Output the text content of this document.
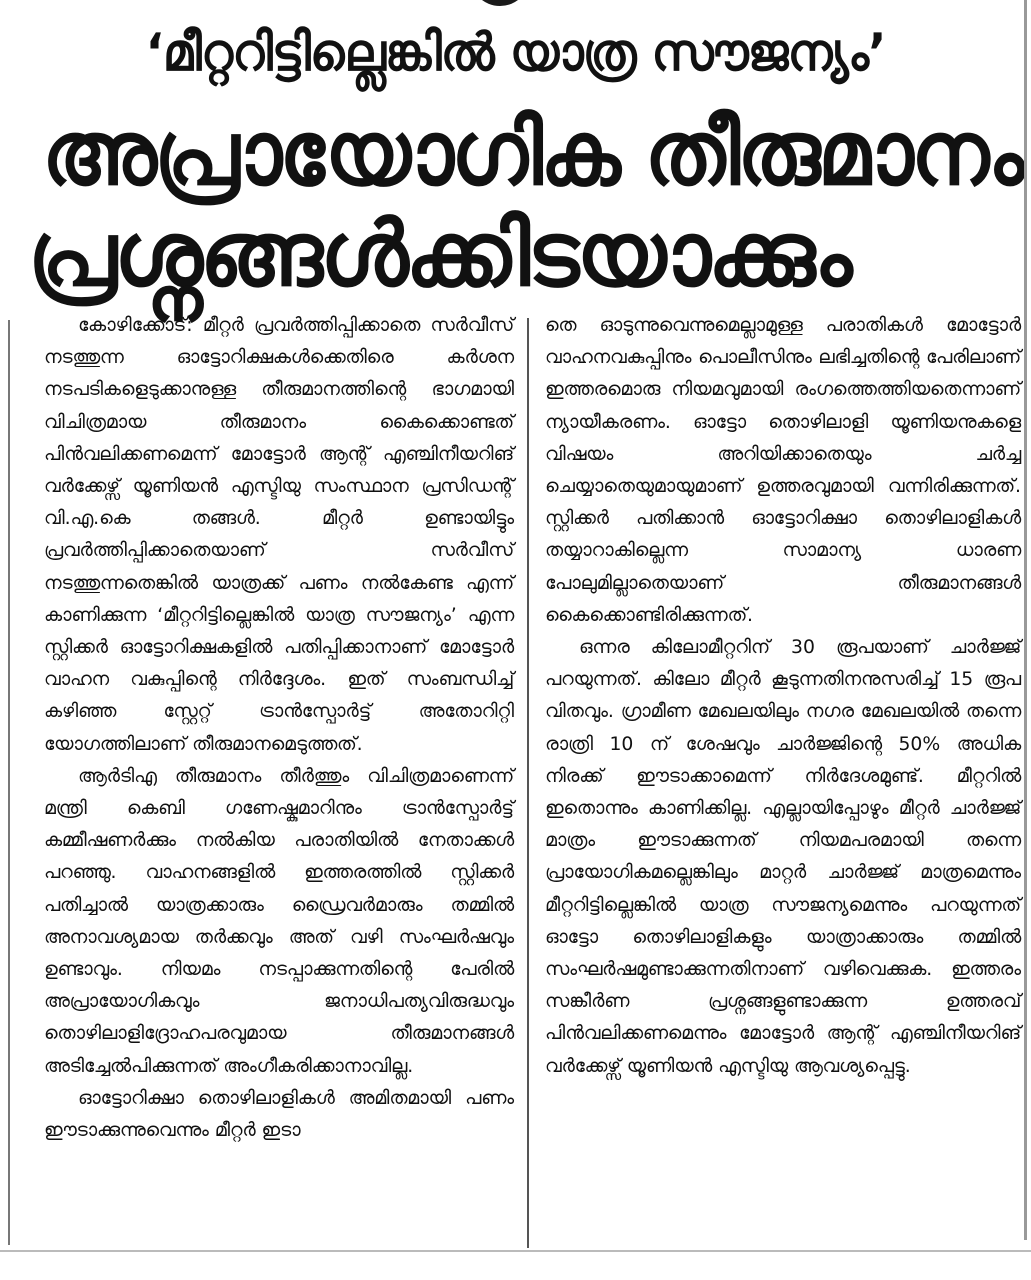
‘മീറ്ററിട്ടില്ലെങ്കിൽ യാത്ര സൗജന്യം’
അപ്രായോഗിക തീരുമാനം
പ്രശ്നങ്ങൾക്കിടയാക്കും

കോഴിക്കോട്: മീറ്റർ പ്രവർത്തിപ്പിക്കാതെ സർവീസ് നടത്തുന്ന ഓട്ടോറിക്ഷകൾക്കെതിരെ കർശന നടപടികളെടുക്കാനുള്ള തീരുമാനത്തിന്റെ ഭാഗമായി വിചിത്രമായ തീരുമാനം കൈക്കൊണ്ടത് പിൻവലിക്കണമെന്ന് മോട്ടോർ ആന്റ് എഞ്ചിനീയറിങ് വർക്കേഴ്സ് യൂണിയൻ എസ്ടിയു സംസ്ഥാന പ്രസിഡന്റ് വി.എ.കെ തങ്ങൾ. മീറ്റർ ഉണ്ടായിട്ടും പ്രവർത്തിപ്പിക്കാതെയാണ് സർവീസ് നടത്തുന്നതെങ്കിൽ യാത്രക്ക് പണം നൽകേണ്ട എന്ന് കാണിക്കുന്ന ‘മീറ്ററിട്ടില്ലെങ്കിൽ യാത്ര സൗജന്യം’ എന്ന സ്റ്റിക്കർ ഓട്ടോറിക്ഷകളിൽ പതിപ്പിക്കാനാണ് മോട്ടോർ വാഹന വകുപ്പിന്റെ നിർദ്ദേശം. ഇത് സംബന്ധിച്ച് കഴിഞ്ഞ സ്റ്റേറ്റ് ട്രാൻസ്പോർട്ട് അതോറിറ്റി യോഗത്തിലാണ് തീരുമാനമെടുത്തത്.

ആർടിഎ തീരുമാനം തീർത്തും വിചിത്രമാണെന്ന് മന്ത്രി കെബി ഗണേഷ്കുമാറിനും ട്രാൻസ്പോർട്ട് കമ്മീഷണർക്കും നൽകിയ പരാതിയിൽ നേതാക്കൾ പറഞ്ഞു. വാഹനങ്ങളിൽ ഇത്തരത്തിൽ സ്റ്റിക്കർ പതിച്ചാൽ യാത്രക്കാരും ഡ്രൈവർമാരും തമ്മിൽ അനാവശ്യമായ തർക്കവും അത് വഴി സംഘർഷവും ഉണ്ടാവും. നിയമം നടപ്പാക്കുന്നതിന്റെ പേരിൽ അപ്രായോഗികവും ജനാധിപത്യവിരുദ്ധവും തൊഴിലാളിദ്രോഹപരവുമായ തീരുമാനങ്ങൾ അടിച്ചേൽപിക്കുന്നത് അംഗീകരിക്കാനാവില്ല.

ഓട്ടോറിക്ഷാ തൊഴിലാളികൾ അമിതമായി പണം ഈടാക്കുന്നുവെന്നും മീറ്റർ ഇടാ

തെ ഓടുന്നുവെന്നുമെല്ലാമുള്ള പരാതികൾ മോട്ടോർ വാഹനവകുപ്പിനും പൊലീസിനും ലഭിച്ചതിന്റെ പേരിലാണ് ഇത്തരമൊരു നിയമവുമായി രംഗത്തെത്തിയതെന്നാണ് ന്യായീകരണം. ഓട്ടോ തൊഴിലാളി യൂണിയനുകളെ വിഷയം അറിയിക്കാതെയും ചർച്ച ചെയ്യാതെയുമായുമാണ് ഉത്തരവുമായി വന്നിരിക്കുന്നത്. സ്റ്റിക്കർ പതിക്കാൻ ഓട്ടോറിക്ഷാ തൊഴിലാളികൾ തയ്യാറാകില്ലെന്ന സാമാന്യ ധാരണ പോലുമില്ലാതെയാണ് തീരുമാനങ്ങൾ കൈക്കൊണ്ടിരിക്കുന്നത്.

ഒന്നര കിലോമീറ്ററിന് 30 രൂപയാണ് ചാർജ്ജ് പറയുന്നത്. കിലോ മീറ്റർ കൂടുന്നതിനനുസരിച്ച് 15 രൂപ വിതവും. ഗ്രാമീണ മേഖലയിലും നഗര മേഖലയിൽ തന്നെ രാത്രി 10 ന് ശേഷവും ചാർജ്ജിന്റെ 50% അധിക നിരക്ക് ഈടാക്കാമെന്ന് നിർദേശമുണ്ട്. മീറ്ററിൽ ഇതൊന്നും കാണിക്കില്ല. എല്ലായിപ്പോഴും മീറ്റർ ചാർജ്ജ് മാത്രം ഈടാക്കുന്നത് നിയമപരമായി തന്നെ പ്രായോഗികമല്ലെങ്കിലും മാറ്റർ ചാർജ്ജ് മാത്രമെന്നും മീറ്ററിട്ടില്ലെങ്കിൽ യാത്ര സൗജന്യമെന്നും പറയുന്നത് ഓട്ടോ തൊഴിലാളികളും യാത്രാക്കാരും തമ്മിൽ സംഘർഷമുണ്ടാക്കുന്നതിനാണ് വഴിവെക്കുക. ഇത്തരം സങ്കീർണ പ്രശ്നങ്ങളുണ്ടാക്കുന്ന ഉത്തരവ് പിൻവലിക്കണമെന്നും മോട്ടോർ ആന്റ് എഞ്ചിനീയറിങ് വർക്കേഴ്സ് യൂണിയൻ എസ്ടിയു ആവശ്യപ്പെട്ടു.
